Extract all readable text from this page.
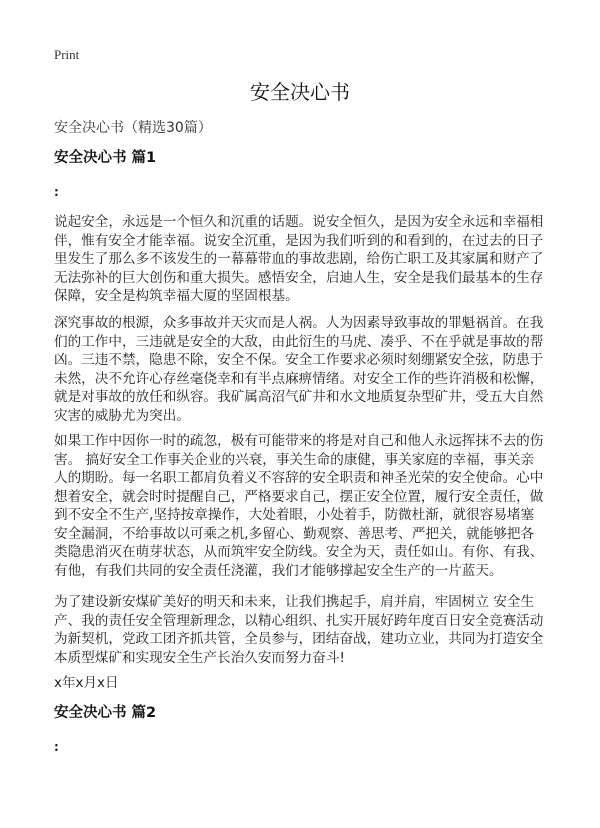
Print
安全决心书
安全决心书（精选30篇）
安全决心书 篇1
:
说起安全，永远是一个恒久和沉重的话题。说安全恒久，是因为安全永远和幸福相
伴，惟有安全才能幸福。说安全沉重，是因为我们听到的和看到的，在过去的日子
里发生了那么多不该发生的一幕幕带血的事故悲剧，给伤亡职工及其家属和财产了
无法弥补的巨大创伤和重大损失。感悟安全，启迪人生，安全是我们最基本的生存
保障，安全是构筑幸福大厦的坚固根基。
深究事故的根源，众多事故并天灾而是人祸。人为因素导致事故的罪魁祸首。在我
们的工作中，三违就是安全的大敌，由此衍生的马虎、凑乎、不在乎就是事故的帮
凶。三违不禁，隐患不除，安全不保。安全工作要求必须时刻绷紧安全弦，防患于
未然，决不允许心存丝毫侥幸和有半点麻痹情绪。对安全工作的些许消极和松懈，
就是对事故的放任和纵容。我矿属高沼气矿井和水文地质复杂型矿井，受五大自然
灾害的威胁尤为突出。
如果工作中因你一时的疏忽，极有可能带来的将是对自己和他人永远挥抹不去的伤
害。 搞好安全工作事关企业的兴衰，事关生命的康健，事关家庭的幸福，事关亲
人的期盼。每一名职工都肩负着义不容辞的安全职责和神圣光荣的安全使命。心中
想着安全，就会时时提醒自己，严格要求自己，摆正安全位置，履行安全责任，做
到不安全不生产,坚持按章操作，大处着眼，小处着手，防微杜渐，就很容易堵塞
安全漏洞，不给事故以可乘之机,多留心、勤观察、善思考、严把关，就能够把各
类隐患消灭在萌芽状态，从而筑牢安全防线。安全为天，责任如山。有你、有我、
有他，有我们共同的安全责任浇灌，我们才能够撑起安全生产的一片蓝天。
为了建设新安煤矿美好的明天和未来，让我们携起手，肩并肩，牢固树立 安全生
产、我的责任安全管理新理念，以精心组织、扎实开展好跨年度百日安全竞赛活动
为新契机，党政工团齐抓共管，全员参与，团结奋战，建功立业，共同为打造安全
本质型煤矿和实现安全生产长治久安而努力奋斗!
x年x月x日
安全决心书 篇2
:
